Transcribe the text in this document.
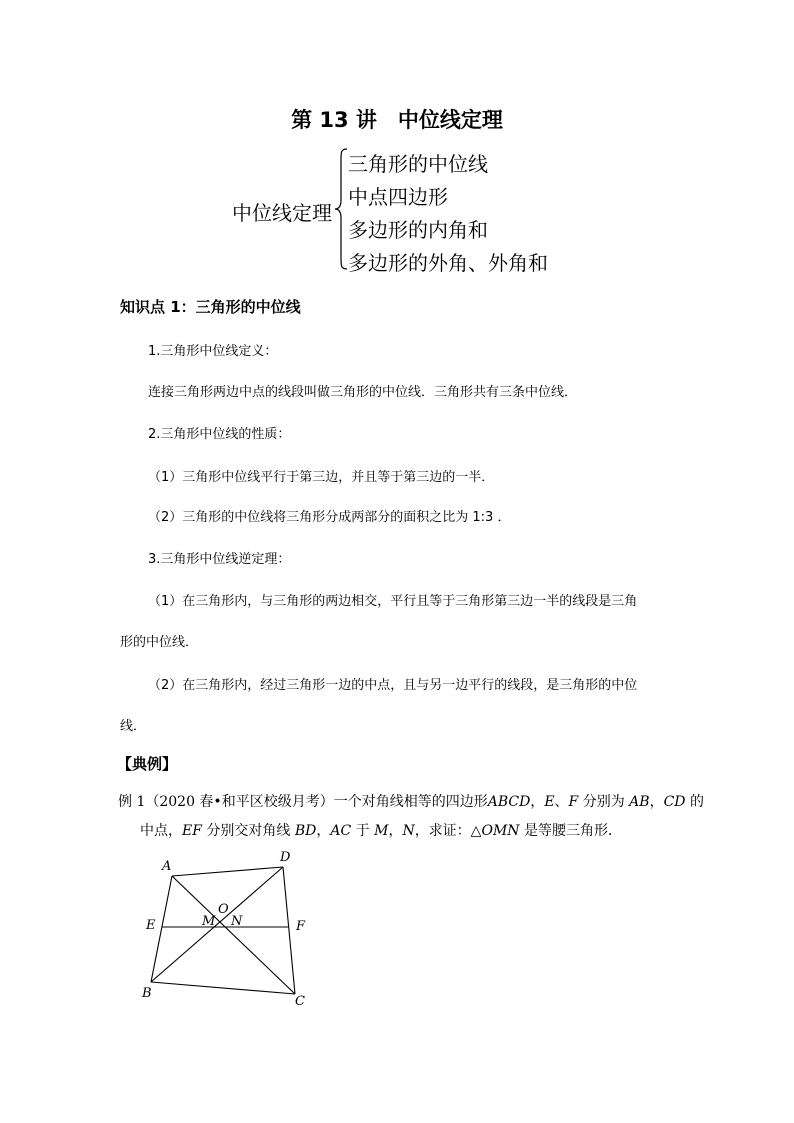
第 13 讲　中位线定理
中位线定理
三角形的中位线
中点四边形
多边形的内角和
多边形的外角、外角和
知识点 1：三角形的中位线
1.三角形中位线定义：
连接三角形两边中点的线段叫做三角形的中位线．三角形共有三条中位线．
2.三角形中位线的性质：
（1）三角形中位线平行于第三边，并且等于第三边的一半．
（2）三角形的中位线将三角形分成两部分的面积之比为 1:3 ．
3.三角形中位线逆定理：
（1）在三角形内，与三角形的两边相交，平行且等于三角形第三边一半的线段是三角
形的中位线．
（2）在三角形内，经过三角形一边的中点，且与另一边平行的线段，是三角形的中位
线．
【典例】
例 1（2020 春•和平区校级月考）一个对角线相等的四边形ABCD，E、F 分别为 AB，CD 的
中点，EF 分别交对角线 BD，AC 于 M，N，求证：△OMN 是等腰三角形．
A
D
E	F
O
M N
B
C
